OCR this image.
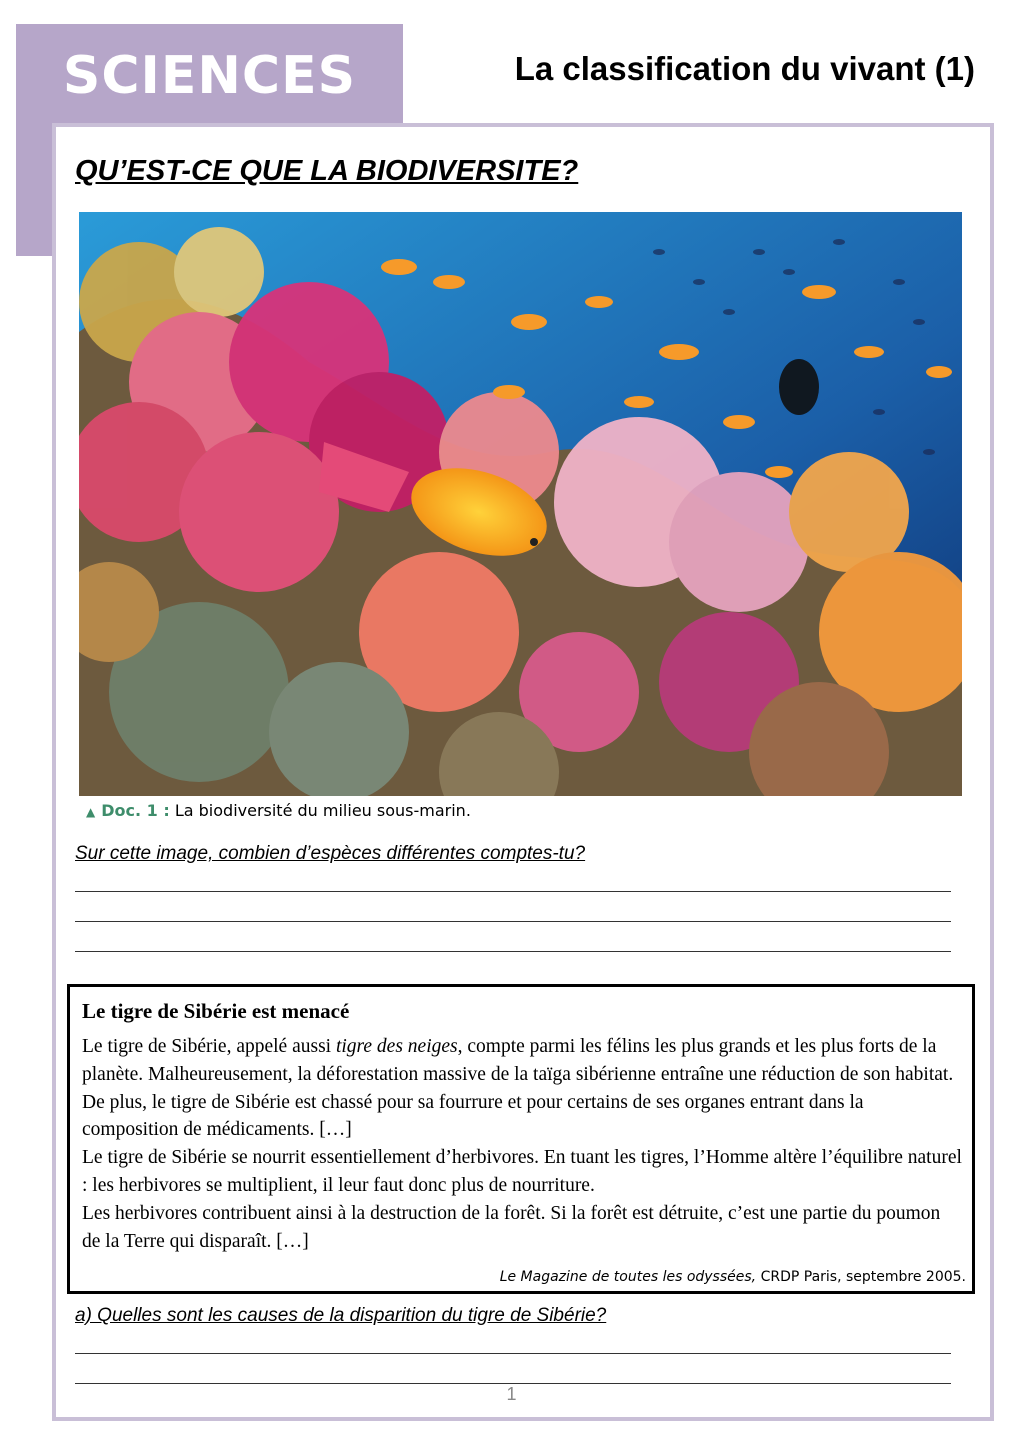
SCIENCES	La classification du vivant (1)
QU’EST-CE QUE LA BIODIVERSITE?
▲ Doc. 1 : La biodiversité du milieu sous-marin.
Sur cette image, combien d’espèces différentes comptes-tu?
Le tigre de Sibérie est menacé
Le tigre de Sibérie, appelé aussi tigre des neiges, compte parmi les félins les plus grands et les plus forts de la planète. Malheureusement, la déforestation massive de la taïga sibérienne entraîne une réduction de son habitat. De plus, le tigre de Sibérie est chassé pour sa fourrure et pour certains de ses organes entrant dans la composition de médicaments. […]
Le tigre de Sibérie se nourrit essentiellement d’herbivores. En tuant les tigres, l’Homme altère l’équilibre naturel : les herbivores se multiplient, il leur faut donc plus de nourriture.
Les herbivores contribuent ainsi à la destruction de la forêt. Si la forêt est détruite, c’est une partie du poumon de la Terre qui disparaît. […]
Le Magazine de toutes les odyssées, CRDP Paris, septembre 2005.
a) Quelles sont les causes de la disparition du tigre de Sibérie?
1
